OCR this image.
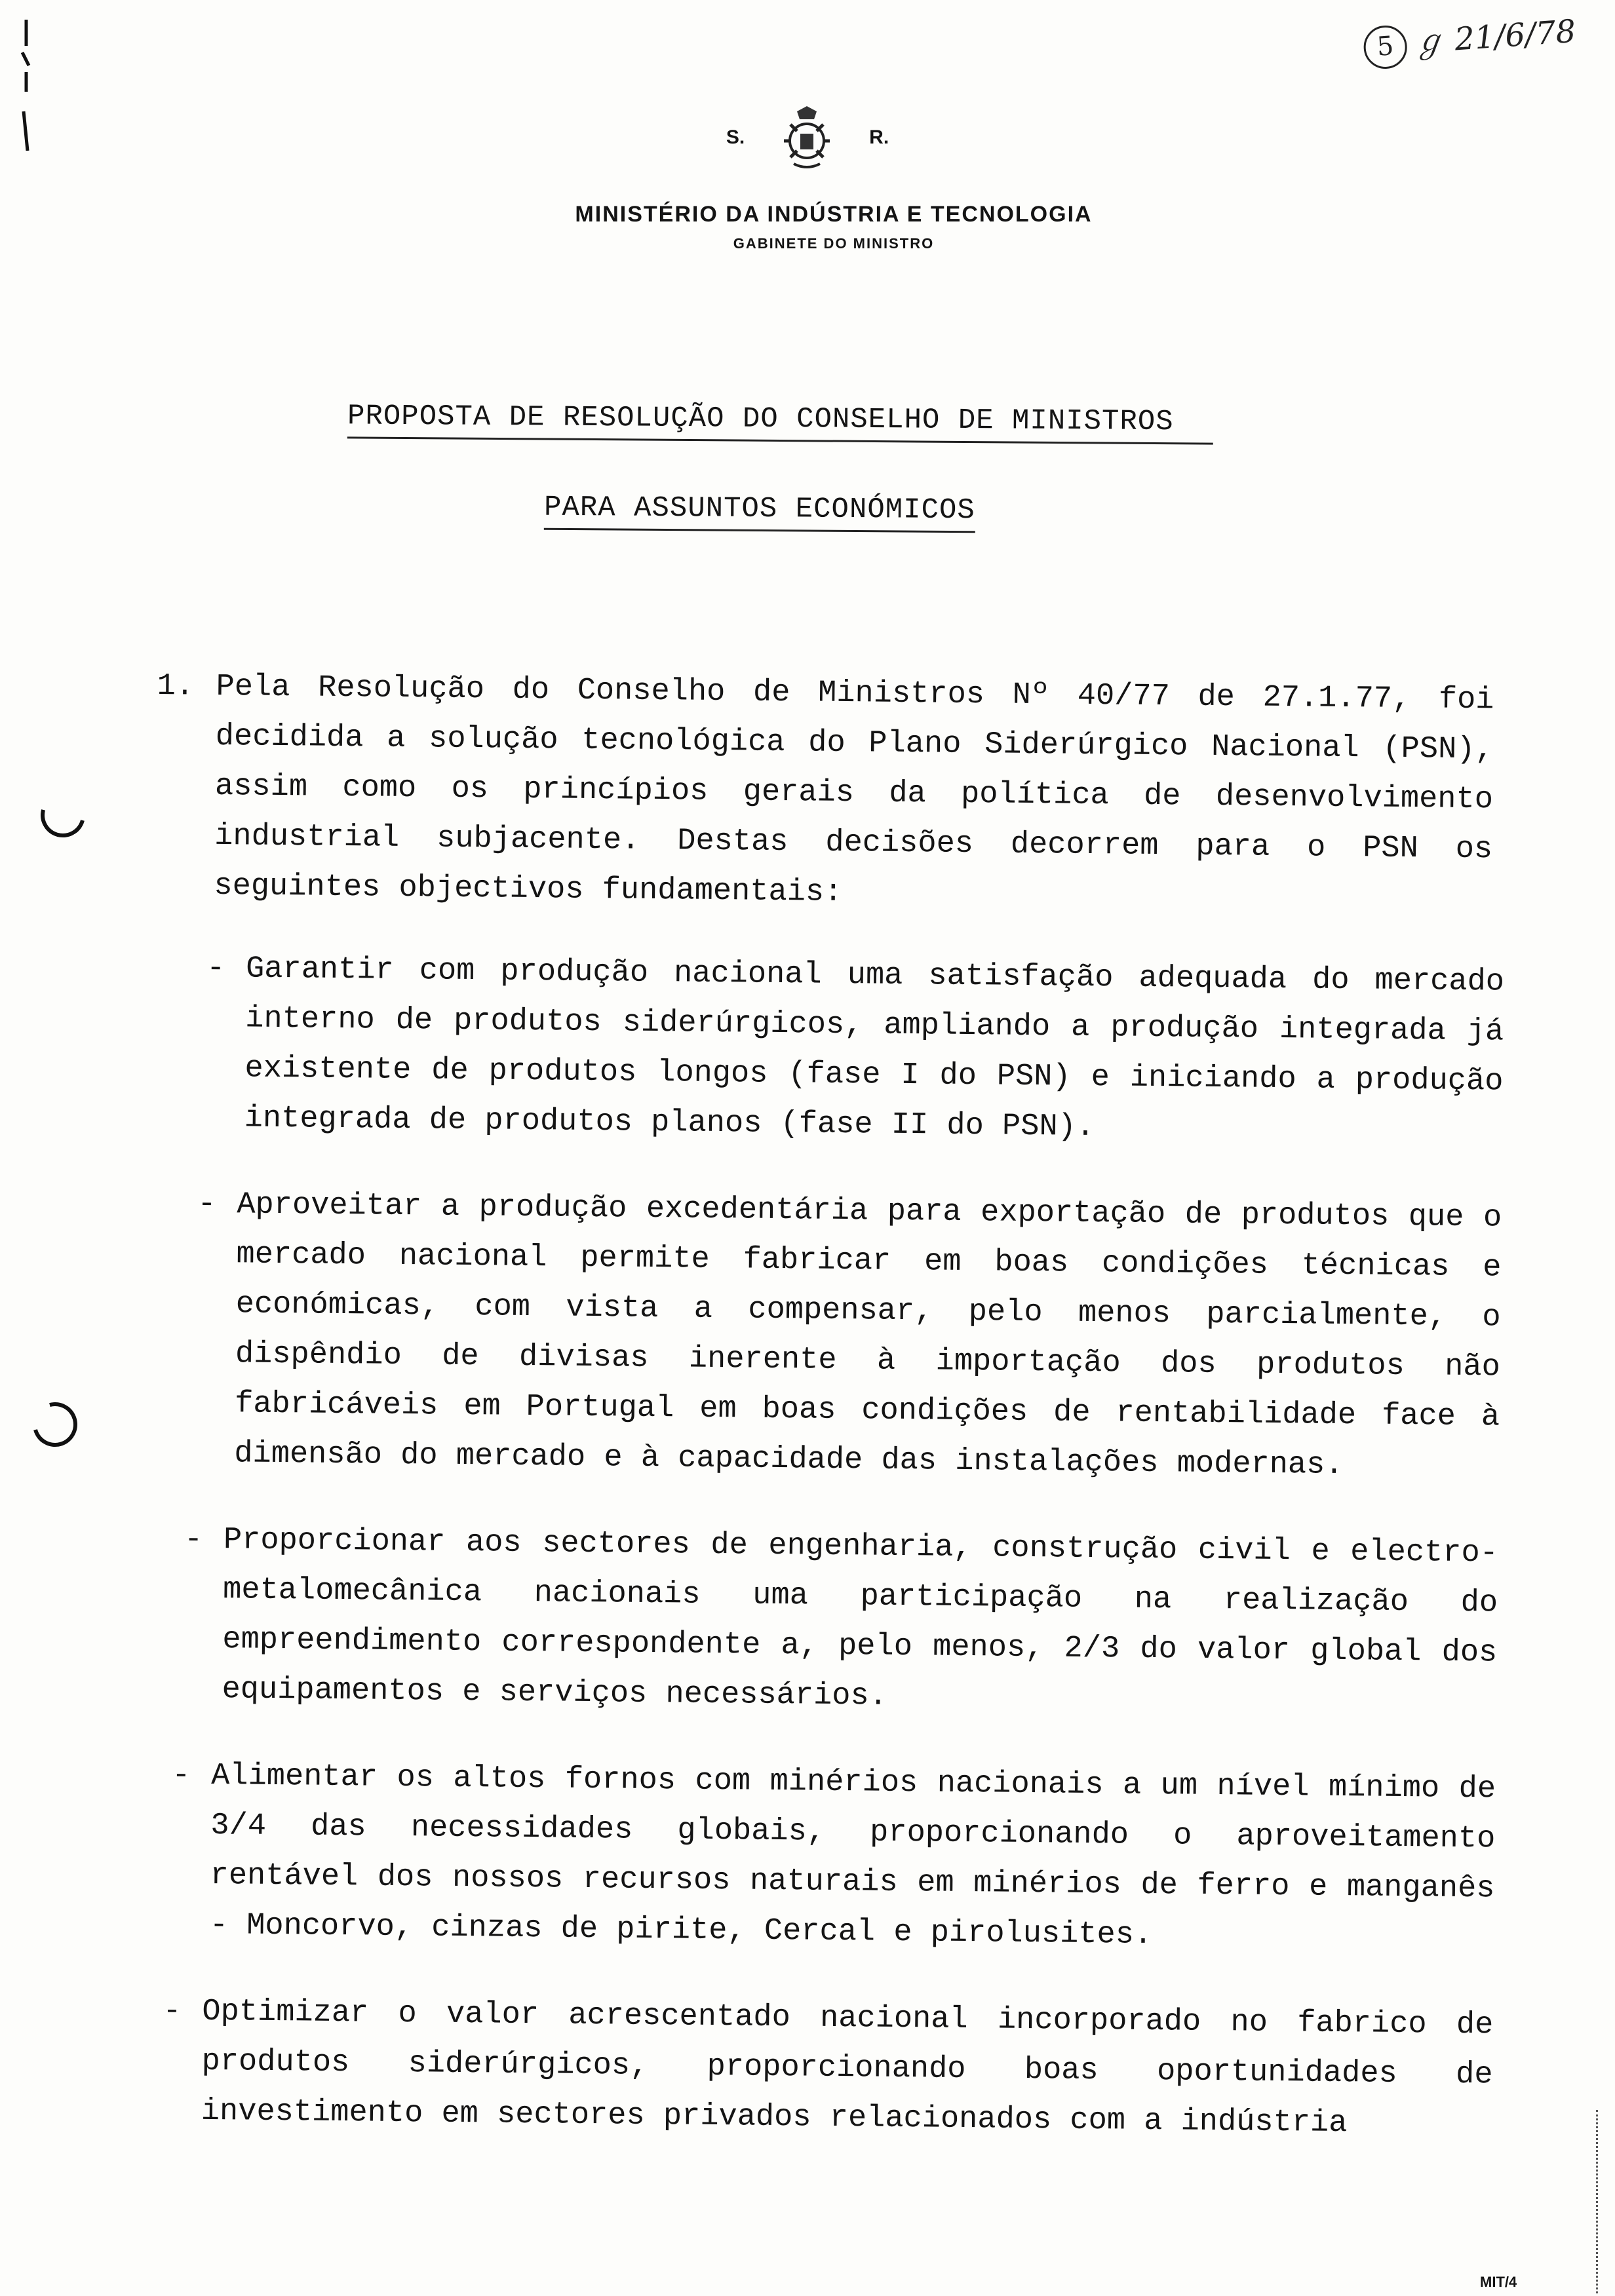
5 ℊ 21/6/78
S.	R.
MINISTÉRIO DA INDÚSTRIA E TECNOLOGIA
GABINETE DO MINISTRO
PROPOSTA DE RESOLUÇÃO DO CONSELHO DE MINISTROS
PARA ASSUNTOS ECONÓMICOS
1. Pela Resolução do Conselho de Ministros Nº 40/77 de 27.1.77, foi decidida a solução tecnológica do Plano Siderúrgico Nacional (PSN), assim como os princípios gerais da política de desenvolvimento industrial subjacente. Destas decisões decorrem para o PSN os seguintes objectivos fundamentais:
- Garantir com produção nacional uma satisfação adequada do mercado interno de produtos siderúrgicos, ampliando a produção integrada já existente de produtos longos (fase I do PSN) e iniciando a produção integrada de produtos planos (fase II do PSN).
- Aproveitar a produção excedentária para exportação de produtos que o mercado nacional permite fabricar em boas condições técnicas e económicas, com vista a compensar, pelo menos parcialmente, o dispêndio de divisas inerente à importação dos produtos não fabricáveis em Portugal em boas condições de rentabilidade face à dimensão do mercado e à capacidade das instalações modernas.
- Proporcionar aos sectores de engenharia, construção civil e electro-metalomecânica nacionais uma participação na realização do empreendimento correspondente a, pelo menos, 2/3 do valor global dos equipamentos e serviços necessários.
- Alimentar os altos fornos com minérios nacionais a um nível mínimo de 3/4 das necessidades globais, proporcionando o aproveitamento rentável dos nossos recursos naturais em minérios de ferro e manganês - Moncorvo, cinzas de pirite, Cercal e pirolusites.
- Optimizar o valor acrescentado nacional incorporado no fabrico de produtos siderúrgicos, proporcionando boas oportunidades de investimento em sectores privados relacionados com a indústria
MIT/4
